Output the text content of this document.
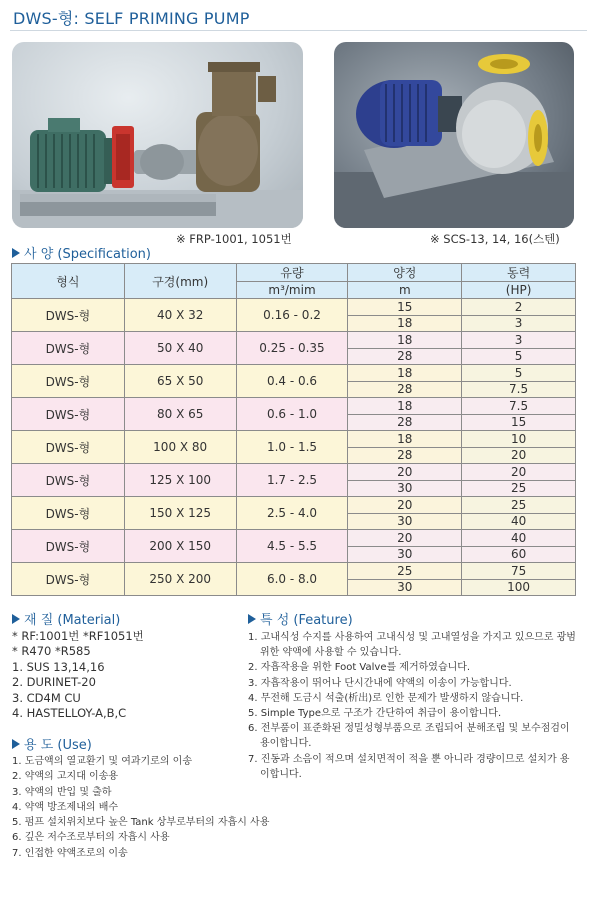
DWS-형: SELF PRIMING PUMP
※ FRP-1001, 1051번	※ SCS-13, 14, 16(스텐)
사 양 (Specification)
형식	구경(mm)	유량	양정	동력
		m³/mim	m	(HP)
DWS-형	40 X 32	0.16 - 0.2	15	2
			18	3
DWS-형	50 X 40	0.25 - 0.35	18	3
			28	5
DWS-형	65 X 50	0.4 - 0.6	18	5
			28	7.5
DWS-형	80 X 65	0.6 - 1.0	18	7.5
			28	15
DWS-형	100 X 80	1.0 - 1.5	18	10
			28	20
DWS-형	125 X 100	1.7 - 2.5	20	20
			30	25
DWS-형	150 X 125	2.5 - 4.0	20	25
			30	40
DWS-형	200 X 150	4.5 - 5.5	20	40
			30	60
DWS-형	250 X 200	6.0 - 8.0	25	75
			30	100
재 질 (Material)
* RF:1001번 *RF1051번
* R470 *R585
1. SUS 13,14,16
2. DURINET-20
3. CD4M CU
4. HASTELLOY-A,B,C
용 도 (Use)
1. 도금액의 열교환기 및 여과기로의 이송
2. 약액의 고지대 이송용
3. 약액의 반입 및 출하
4. 약액 방조제내의 배수
5. 펌프 설치위치보다 높은 Tank 상부로부터의 자흡시 사용
6. 깊은 저수조로부터의 자흡시 사용
7. 인접한 약액조로의 이송
특 성 (Feature)
1. 고내식성 수지를 사용하여 고내식성 및 고내열성을 가지고 있으므로 광범위한 약액에 사용할 수 있습니다.
2. 자흡작용을 위한 Foot Valve를 제거하였습니다.
3. 자흡작용이 뛰어나 단시간내에 약액의 이송이 가능합니다.
4. 무전해 도금시 석출(析出)로 인한 문제가 발생하지 않습니다.
5. Simple Type으로 구조가 간단하여 취급이 용이합니다.
6. 전부품이 표준화된 정밀성형부품으로 조립되어 분해조립 및 보수점검이 용이합니다.
7. 진동과 소음이 적으며 설치면적이 적을 뿐 아니라 경량이므로 설치가 용이합니다.
